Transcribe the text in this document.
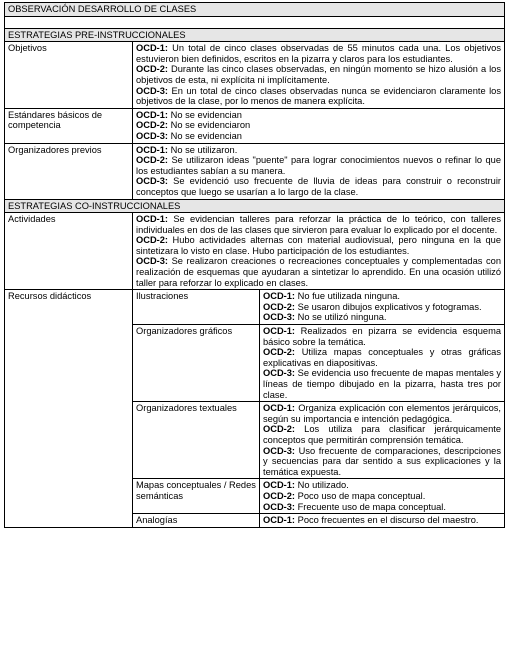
OBSERVACIÓN DESARROLLO DE CLASES		

ESTRATEGIAS PRE-INSTRUCCIONALES		
Objetivos	OCD-1: Un total de cinco clases observadas de 55 minutos cada una. Los objetivos estuvieron bien definidos, escritos en la pizarra y claros para los estudiantes.
OCD-2: Durante las cinco clases observadas, en ningún momento se hizo alusión a los objetivos de esta, ni explícita ni implícitamente.
OCD-3: En un total de cinco clases observadas nunca se evidenciaron claramente los objetivos de la clase, por lo menos de manera explícita.	

Estándares básicos de competencia	OCD-1: No se evidencian
OCD-2: No se evidenciaron
OCD-3: No se evidencian	

Organizadores previos	OCD-1: No se utilizaron.
OCD-2: Se utilizaron ideas "puente" para lograr conocimientos nuevos o refinar lo que los estudiantes sabían a su manera.
OCD-3: Se evidenció uso frecuente de lluvia de ideas para construir o reconstruir conceptos que luego se usarían a lo largo de la clase.	

ESTRATEGIAS CO-INSTRUCCIONALES		
Actividades	OCD-1: Se evidencian talleres para reforzar la práctica de lo teórico, con talleres individuales en dos de las clases que sirvieron para evaluar lo explicado por el docente.
OCD-2: Hubo actividades alternas con material audiovisual, pero ninguna en la que sintetizara lo visto en clase. Hubo participación de los estudiantes.
OCD-3: Se realizaron creaciones o recreaciones conceptuales y complementadas con realización de esquemas que ayudaran a sintetizar lo aprendido. En una ocasión utilizó taller para reforzar lo explicado en clases.	

Recursos didácticos	Ilustraciones	OCD-1: No fue utilizada ninguna.
OCD-2: Se usaron dibujos explicativos y fotogramas.
OCD-3: No se utilizó ninguna.

	Organizadores gráficos	OCD-1: Realizados en pizarra se evidencia esquema básico sobre la temática.
OCD-2: Utiliza mapas conceptuales y otras gráficas explicativas en diapositivas.
OCD-3: Se evidencia uso frecuente de mapas mentales y líneas de tiempo dibujado en la pizarra, hasta tres por clase.

	Organizadores textuales	OCD-1: Organiza explicación con elementos jerárquicos, según su importancia e intención pedagógica.
OCD-2: Los utiliza para clasificar jerárquicamente conceptos que permitirán comprensión temática.
OCD-3: Uso frecuente de comparaciones, descripciones y secuencias para dar sentido a sus explicaciones y la temática expuesta.

	Mapas conceptuales / Redes semánticas	OCD-1: No utilizado.
OCD-2: Poco uso de mapa conceptual.
OCD-3: Frecuente uso de mapa conceptual.

	Analogías	OCD-1: Poco frecuentes en el discurso del maestro.
